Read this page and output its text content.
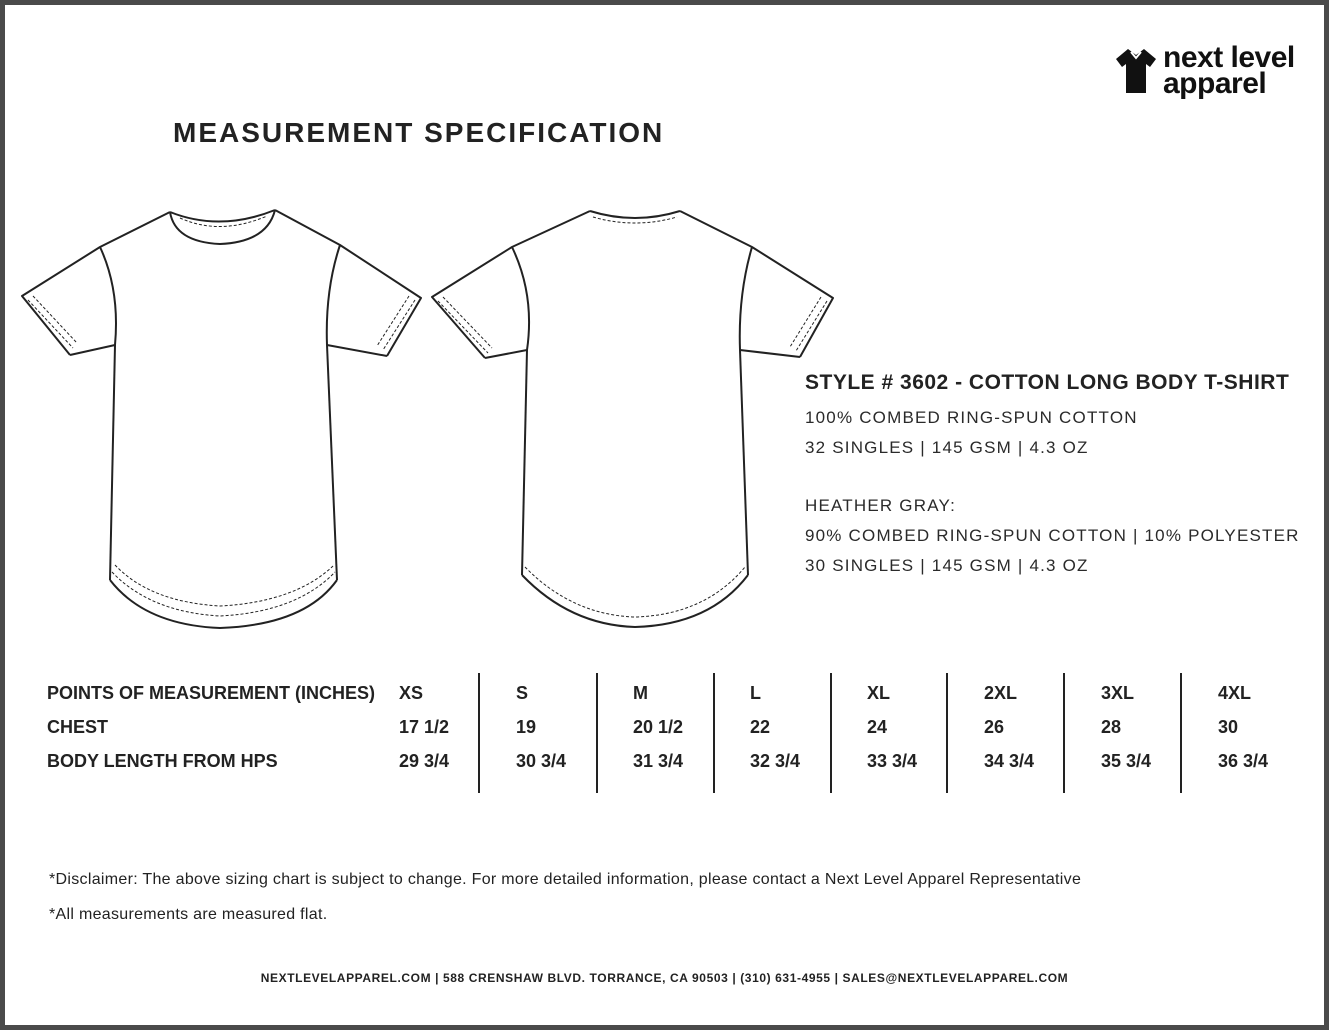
next level
apparel
MEASUREMENT SPECIFICATION
STYLE # 3602 - COTTON LONG BODY T-SHIRT
100% COMBED RING-SPUN COTTON
32 SINGLES | 145 GSM | 4.3 OZ
HEATHER GRAY:
90% COMBED RING-SPUN COTTON | 10% POLYESTER
30 SINGLES | 145 GSM | 4.3 OZ
POINTS OF MEASUREMENT (INCHES)
CHEST
BODY LENGTH FROM HPS
XS
17 1/2
29 3/4
S
19
30 3/4
M
20 1/2
31 3/4
L
22
32 3/4
XL
24
33 3/4
2XL
26
34 3/4
3XL
28
35 3/4
4XL
30
36 3/4
*Disclaimer: The above sizing chart is subject to change. For more detailed information, please contact a Next Level Apparel Representative
*All measurements are measured flat.
NEXTLEVELAPPAREL.COM | 588 CRENSHAW BLVD. TORRANCE, CA 90503 | (310) 631-4955 | SALES@NEXTLEVELAPPAREL.COM
